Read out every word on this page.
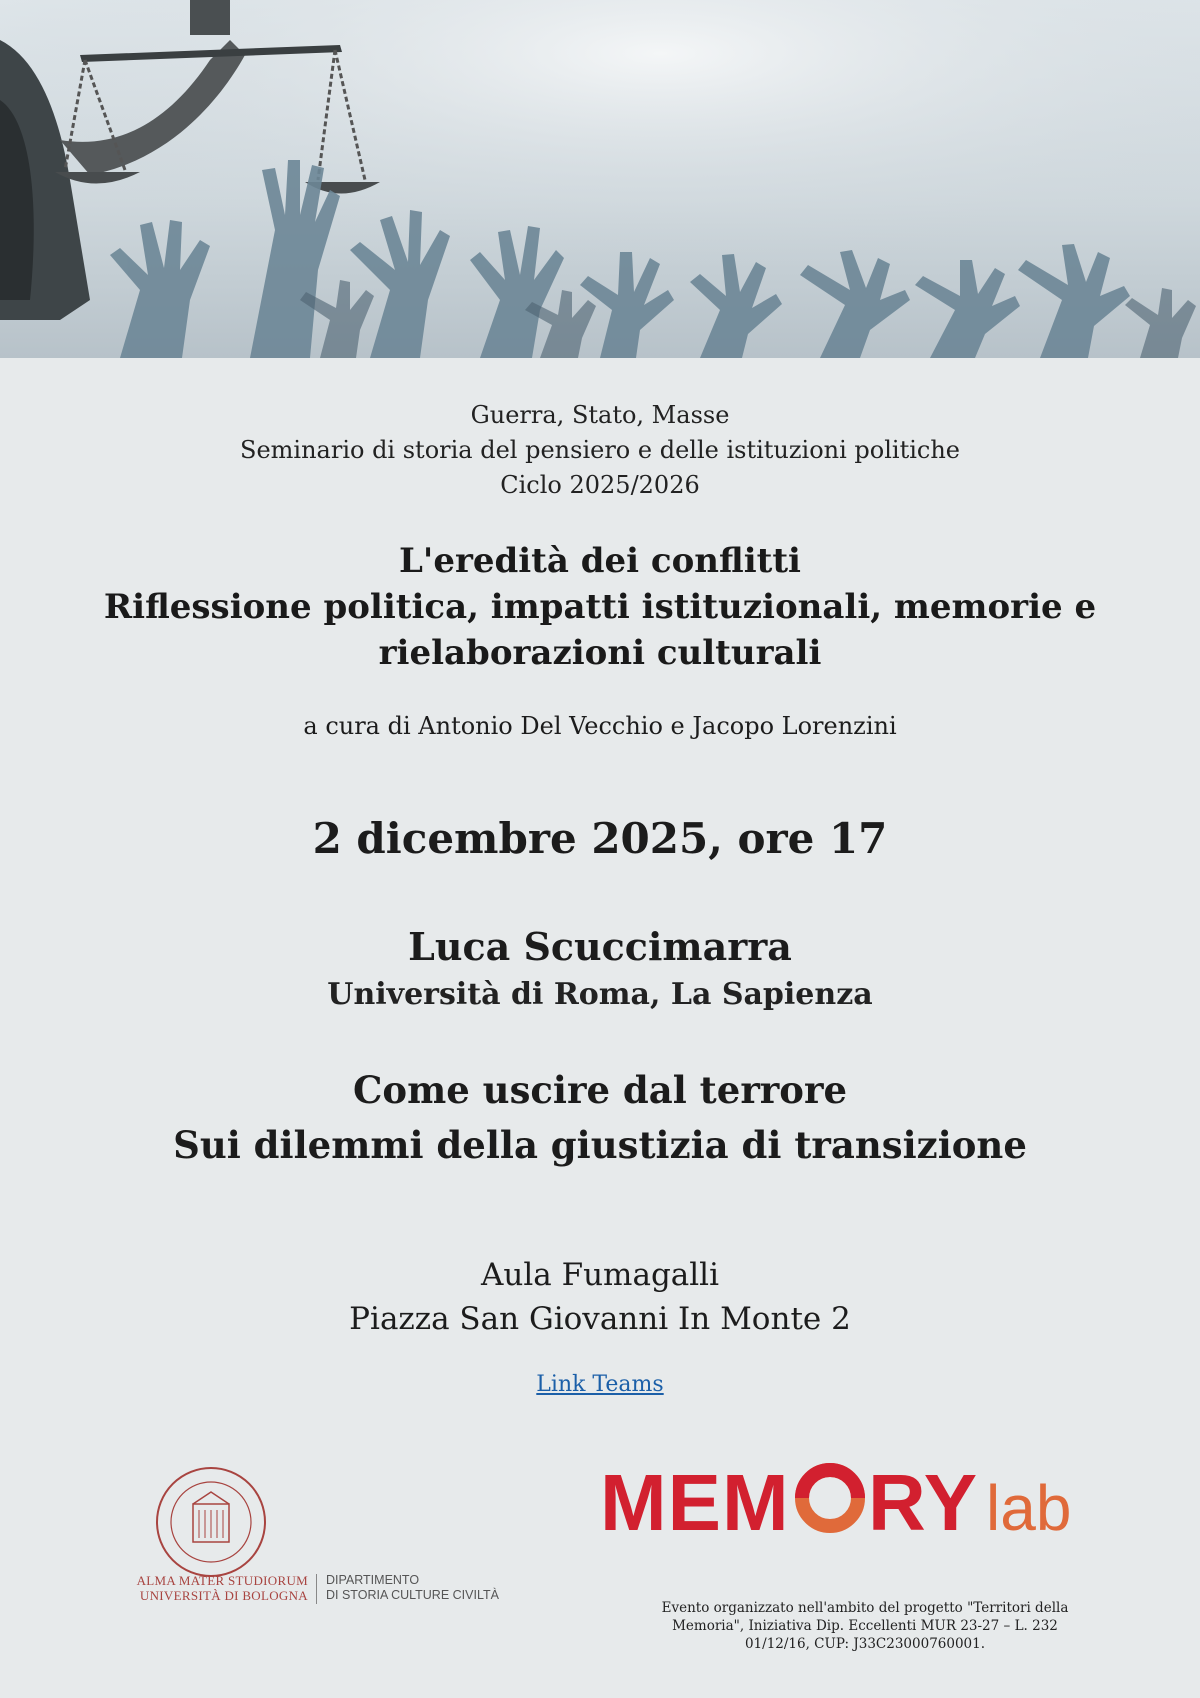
Guerra, Stato, Masse
Seminario di storia del pensiero e delle istituzioni politiche
Ciclo 2025/2026
L'eredità dei conflitti
Riflessione politica, impatti istituzionali, memorie e
rielaborazioni culturali
a cura di Antonio Del Vecchio e Jacopo Lorenzini
2 dicembre 2025, ore 17
Luca Scuccimarra
Università di Roma, La Sapienza
Come uscire dal terrore
Sui dilemmi della giustizia di transizione
Aula Fumagalli
Piazza San Giovanni In Monte 2
Link Teams
ALMA MATER STUDIORUM
UNIVERSITÀ DI BOLOGNA
DIPARTIMENTO
DI STORIA CULTURE CIVILTÀ
MEM RY lab
Evento organizzato nell'ambito del progetto "Territori della
Memoria", Iniziativa Dip. Eccellenti MUR 23-27 – L. 232
01/12/16, CUP: J33C23000760001.
